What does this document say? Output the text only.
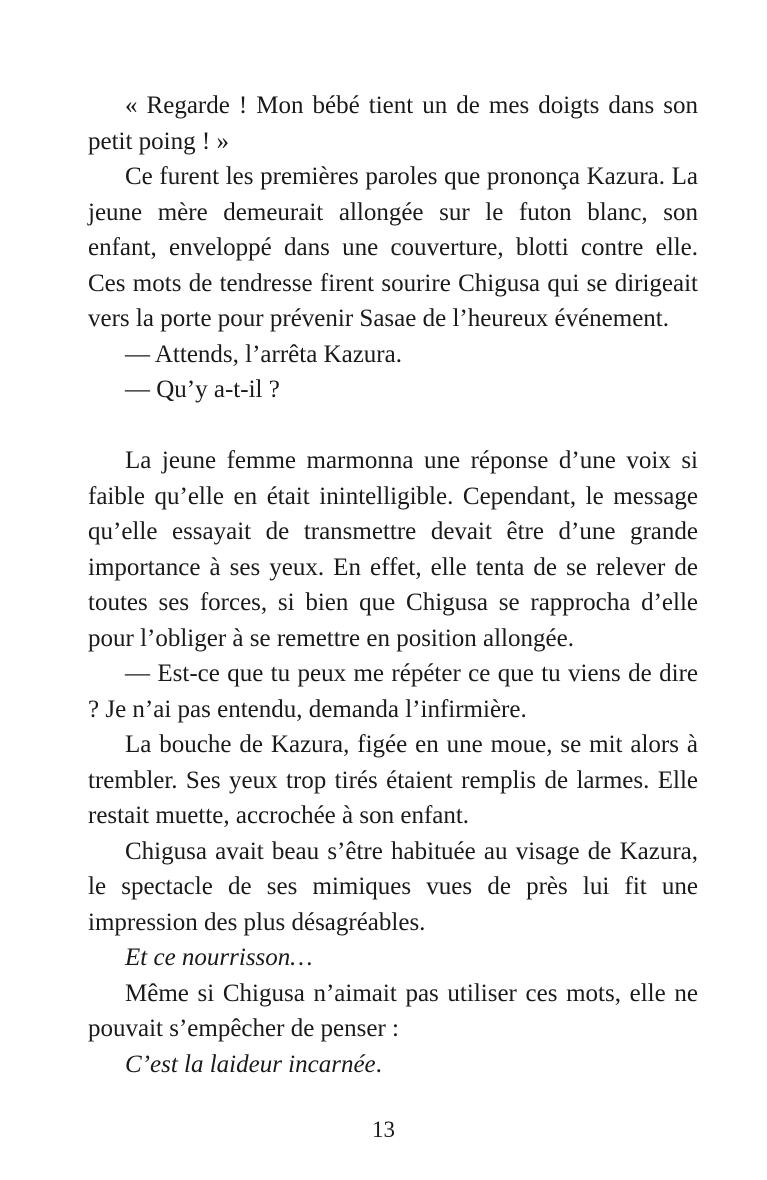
« Regarde ! Mon bébé tient un de mes doigts dans son petit poing ! »

Ce furent les premières paroles que prononça Kazura. La jeune mère demeurait allongée sur le futon blanc, son enfant, enveloppé dans une couverture, blotti contre elle. Ces mots de tendresse firent sourire Chigusa qui se dirigeait vers la porte pour prévenir Sasae de l’heureux événement.

— Attends, l’arrêta Kazura.

— Qu’y a-t-il ?

La jeune femme marmonna une réponse d’une voix si faible qu’elle en était inintelligible. Cependant, le message qu’elle essayait de transmettre devait être d’une grande importance à ses yeux. En effet, elle tenta de se relever de toutes ses forces, si bien que Chigusa se rapprocha d’elle pour l’obliger à se remettre en position allongée.

— Est-ce que tu peux me répéter ce que tu viens de dire ? Je n’ai pas entendu, demanda l’infirmière.

La bouche de Kazura, figée en une moue, se mit alors à trembler. Ses yeux trop tirés étaient remplis de larmes. Elle restait muette, accrochée à son enfant.

Chigusa avait beau s’être habituée au visage de Kazura, le spectacle de ses mimiques vues de près lui fit une impression des plus désagréables.

Et ce nourrisson…

Même si Chigusa n’aimait pas utiliser ces mots, elle ne pouvait s’empêcher de penser :

C’est la laideur incarnée.

13
